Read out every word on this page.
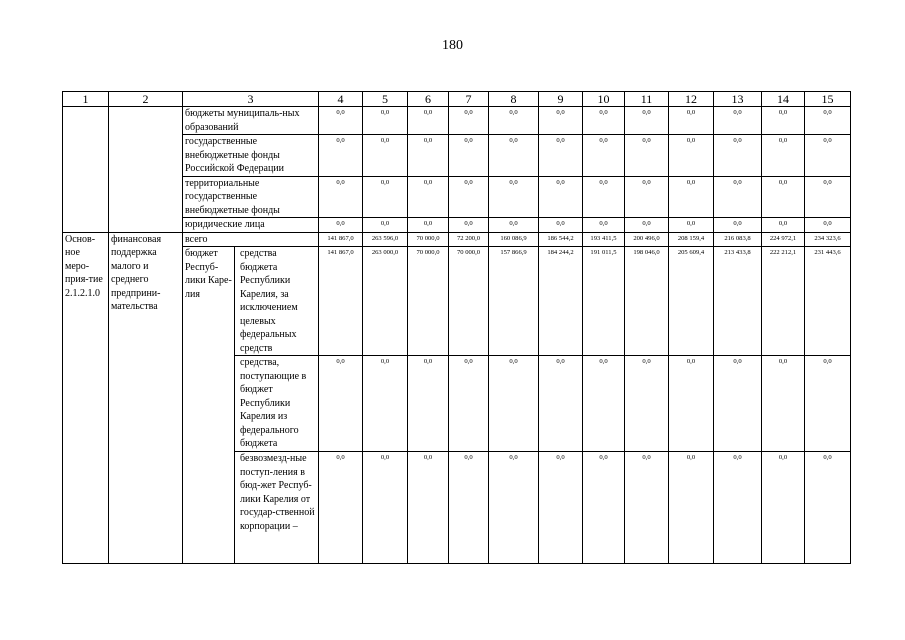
180
1	2	3		4	5	6	7	8	9	10	11	12	13	14	15
		бюджеты муниципаль-ных образований		0,0	0,0	0,0	0,0	0,0	0,0	0,0	0,0	0,0	0,0	0,0	0,0
		государственные внебюджетные фонды Российской Федерации		0,0	0,0	0,0	0,0	0,0	0,0	0,0	0,0	0,0	0,0	0,0	0,0
		территориальные государственные внебюджетные фонды		0,0	0,0	0,0	0,0	0,0	0,0	0,0	0,0	0,0	0,0	0,0	0,0
		юридические лица		0,0	0,0	0,0	0,0	0,0	0,0	0,0	0,0	0,0	0,0	0,0	0,0
Основ-ное меро-прия-тие 2.1.2.1.0	финансовая поддержка малого и среднего предприни-мательства	всего		141 867,0	263 596,0	70 000,0	72 200,0	160 086,9	186 544,2	193 411,5	200 496,0	208 159,4	216 083,8	224 972,1	234 323,6
		бюджет Респуб-лики Каре-лия	средства бюджета Республики Карелия, за исключением целевых федеральных средств	141 867,0	263 000,0	70 000,0	70 000,0	157 866,9	184 244,2	191 011,5	198 046,0	205 609,4	213 433,8	222 212,1	231 443,6
			средства, поступающие в бюджет Республики Карелия из федерального бюджета	0,0	0,0	0,0	0,0	0,0	0,0	0,0	0,0	0,0	0,0	0,0	0,0
			безвозмезд-ные поступ-ления в бюд-жет Респуб-лики Карелия от государ-ственной корпорации –	0,0	0,0	0,0	0,0	0,0	0,0	0,0	0,0	0,0	0,0	0,0	0,0
